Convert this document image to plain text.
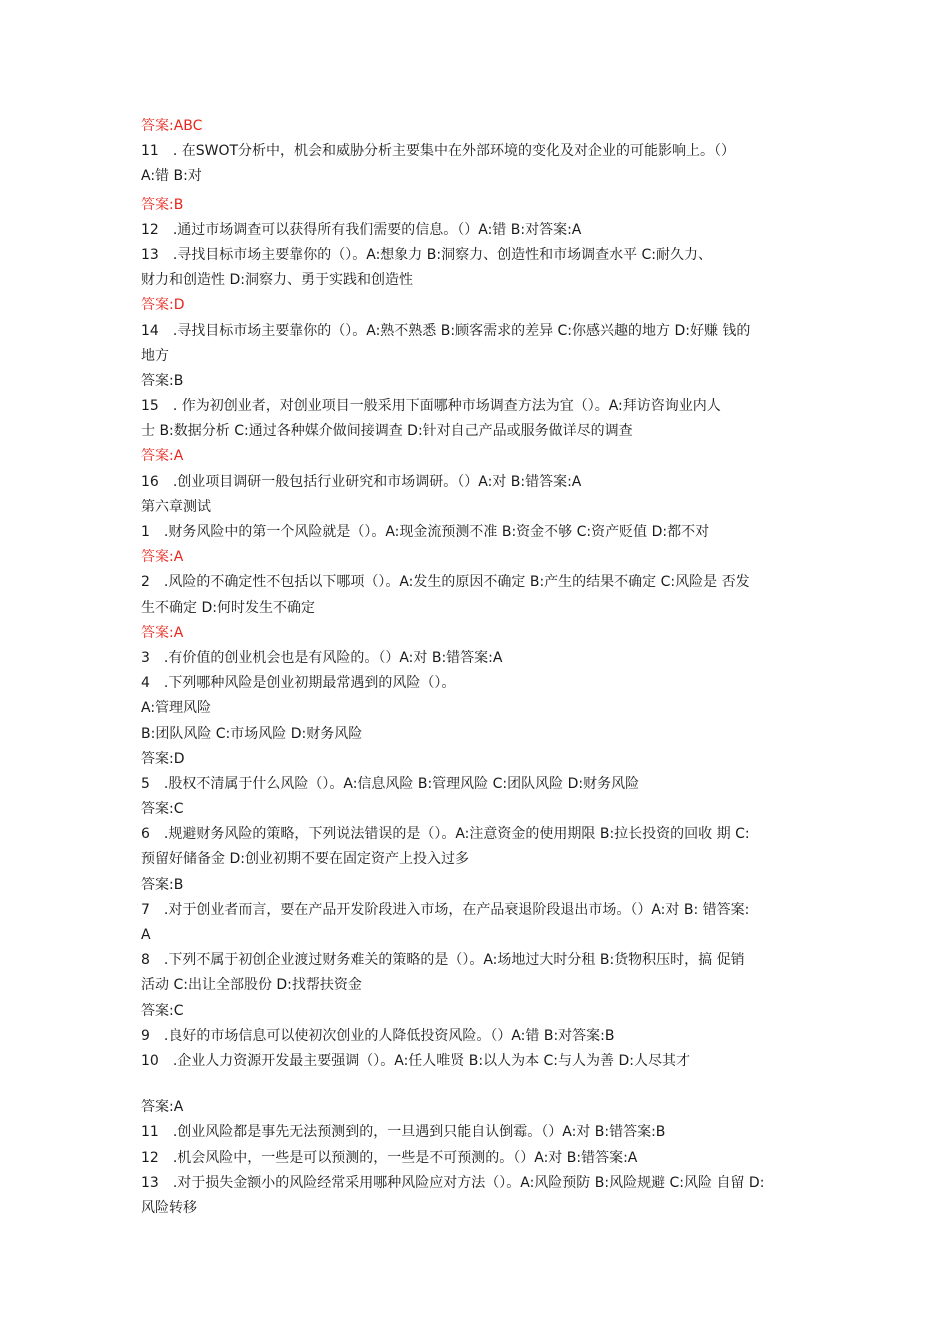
答案:ABC
11　. 在SWOT分析中，机会和威胁分析主要集中在外部环境的变化及对企业的可能影响上。（）
A:错 B:对
答案:B
12　.通过市场调查可以获得所有我们需要的信息。（）A:错 B:对答案:A
13　.寻找目标市场主要靠你的（）。A:想象力 B:洞察力、创造性和市场调查水平 C:耐久力、
财力和创造性 D:洞察力、勇于实践和创造性
答案:D
14　.寻找目标市场主要靠你的（）。A:熟不熟悉 B:顾客需求的差异 C:你感兴趣的地方 D:好赚 钱的
地方
答案:B
15　. 作为初创业者，对创业项目一般采用下面哪种市场调查方法为宜（）。A:拜访咨询业内人
士 B:数据分析 C:通过各种媒介做间接调查 D:针对自己产品或服务做详尽的调查
答案:A
16　.创业项目调研一般包括行业研究和市场调研。（）A:对 B:错答案:A
第六章测试
1　.财务风险中的第一个风险就是（）。A:现金流预测不准 B:资金不够 C:资产贬值 D:都不对
答案:A
2　.风险的不确定性不包括以下哪项（）。A:发生的原因不确定 B:产生的结果不确定 C:风险是 否发
生不确定 D:何时发生不确定
答案:A
3　.有价值的创业机会也是有风险的。（）A:对 B:错答案:A
4　.下列哪种风险是创业初期最常遇到的风险（）。
A:管理风险
B:团队风险 C:市场风险 D:财务风险
答案:D
5　.股权不清属于什么风险（）。A:信息风险 B:管理风险 C:团队风险 D:财务风险
答案:C
6　.规避财务风险的策略，下列说法错误的是（）。A:注意资金的使用期限 B:拉长投资的回收 期 C:
预留好储备金 D:创业初期不要在固定资产上投入过多
答案:B
7　.对于创业者而言，要在产品开发阶段进入市场，在产品衰退阶段退出市场。（）A:对 B: 错答案:
A
8　.下列不属于初创企业渡过财务难关的策略的是（）。A:场地过大时分租 B:货物积压时，搞 促销
活动 C:出让全部股份 D:找帮扶资金
答案:C
9　.良好的市场信息可以使初次创业的人降低投资风险。（）A:错 B:对答案:B
10　.企业人力资源开发最主要强调（）。A:任人唯贤 B:以人为本 C:与人为善 D:人尽其才
答案:A
11　.创业风险都是事先无法预测到的，一旦遇到只能自认倒霉。（）A:对 B:错答案:B
12　.机会风险中，一些是可以预测的，一些是不可预测的。（）A:对 B:错答案:A
13　.对于损失金额小的风险经常采用哪种风险应对方法（）。A:风险预防 B:风险规避 C:风险 自留 D:
风险转移
